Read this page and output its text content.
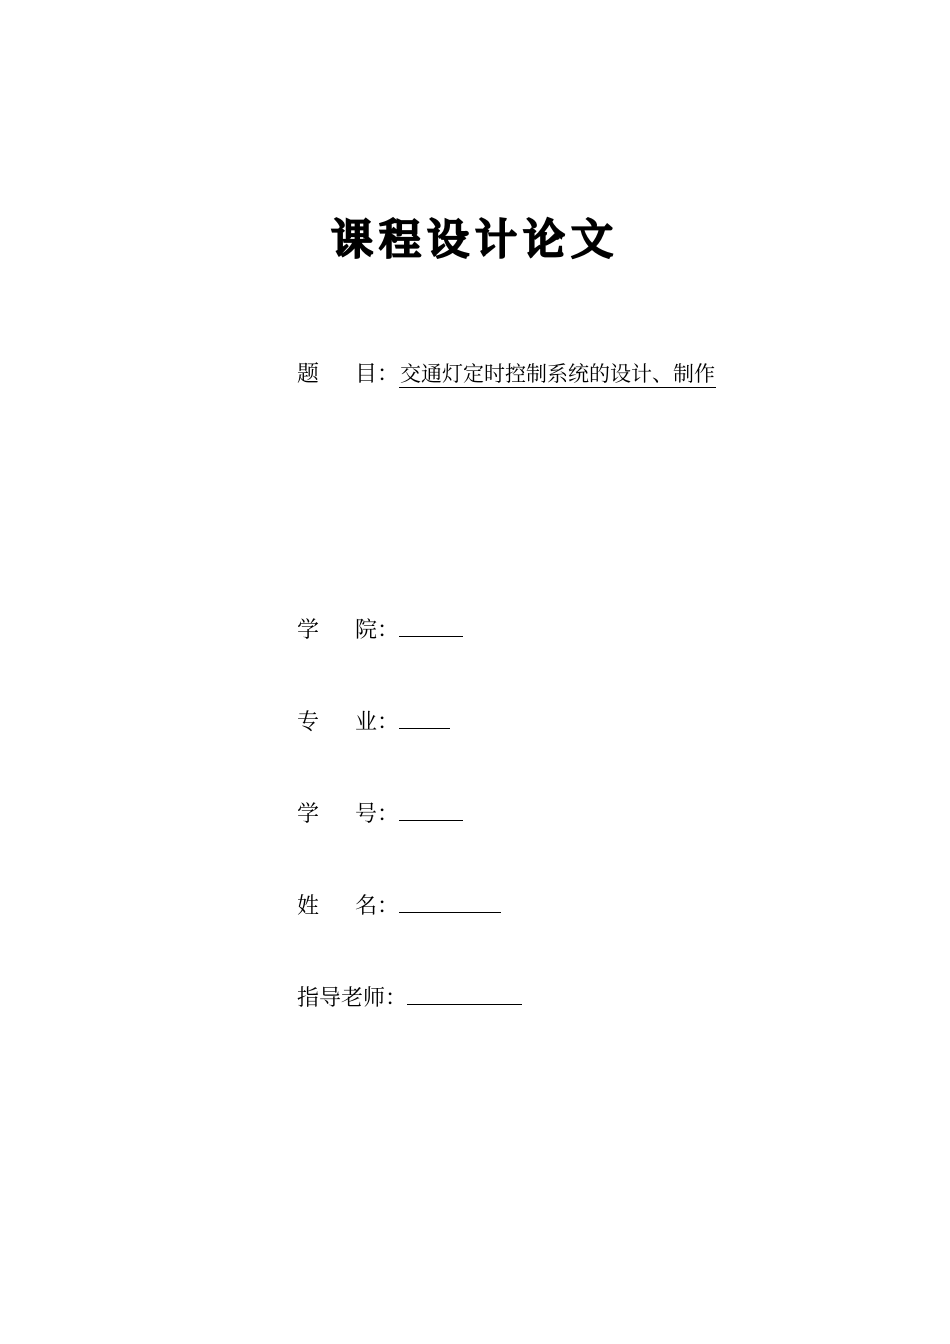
课程设计论文
题 目 ： 交通灯定时控制系统的设计、制作
学 院 ：
专 业 ：
学 号 ：
姓 名 ：
指导老师 ：
